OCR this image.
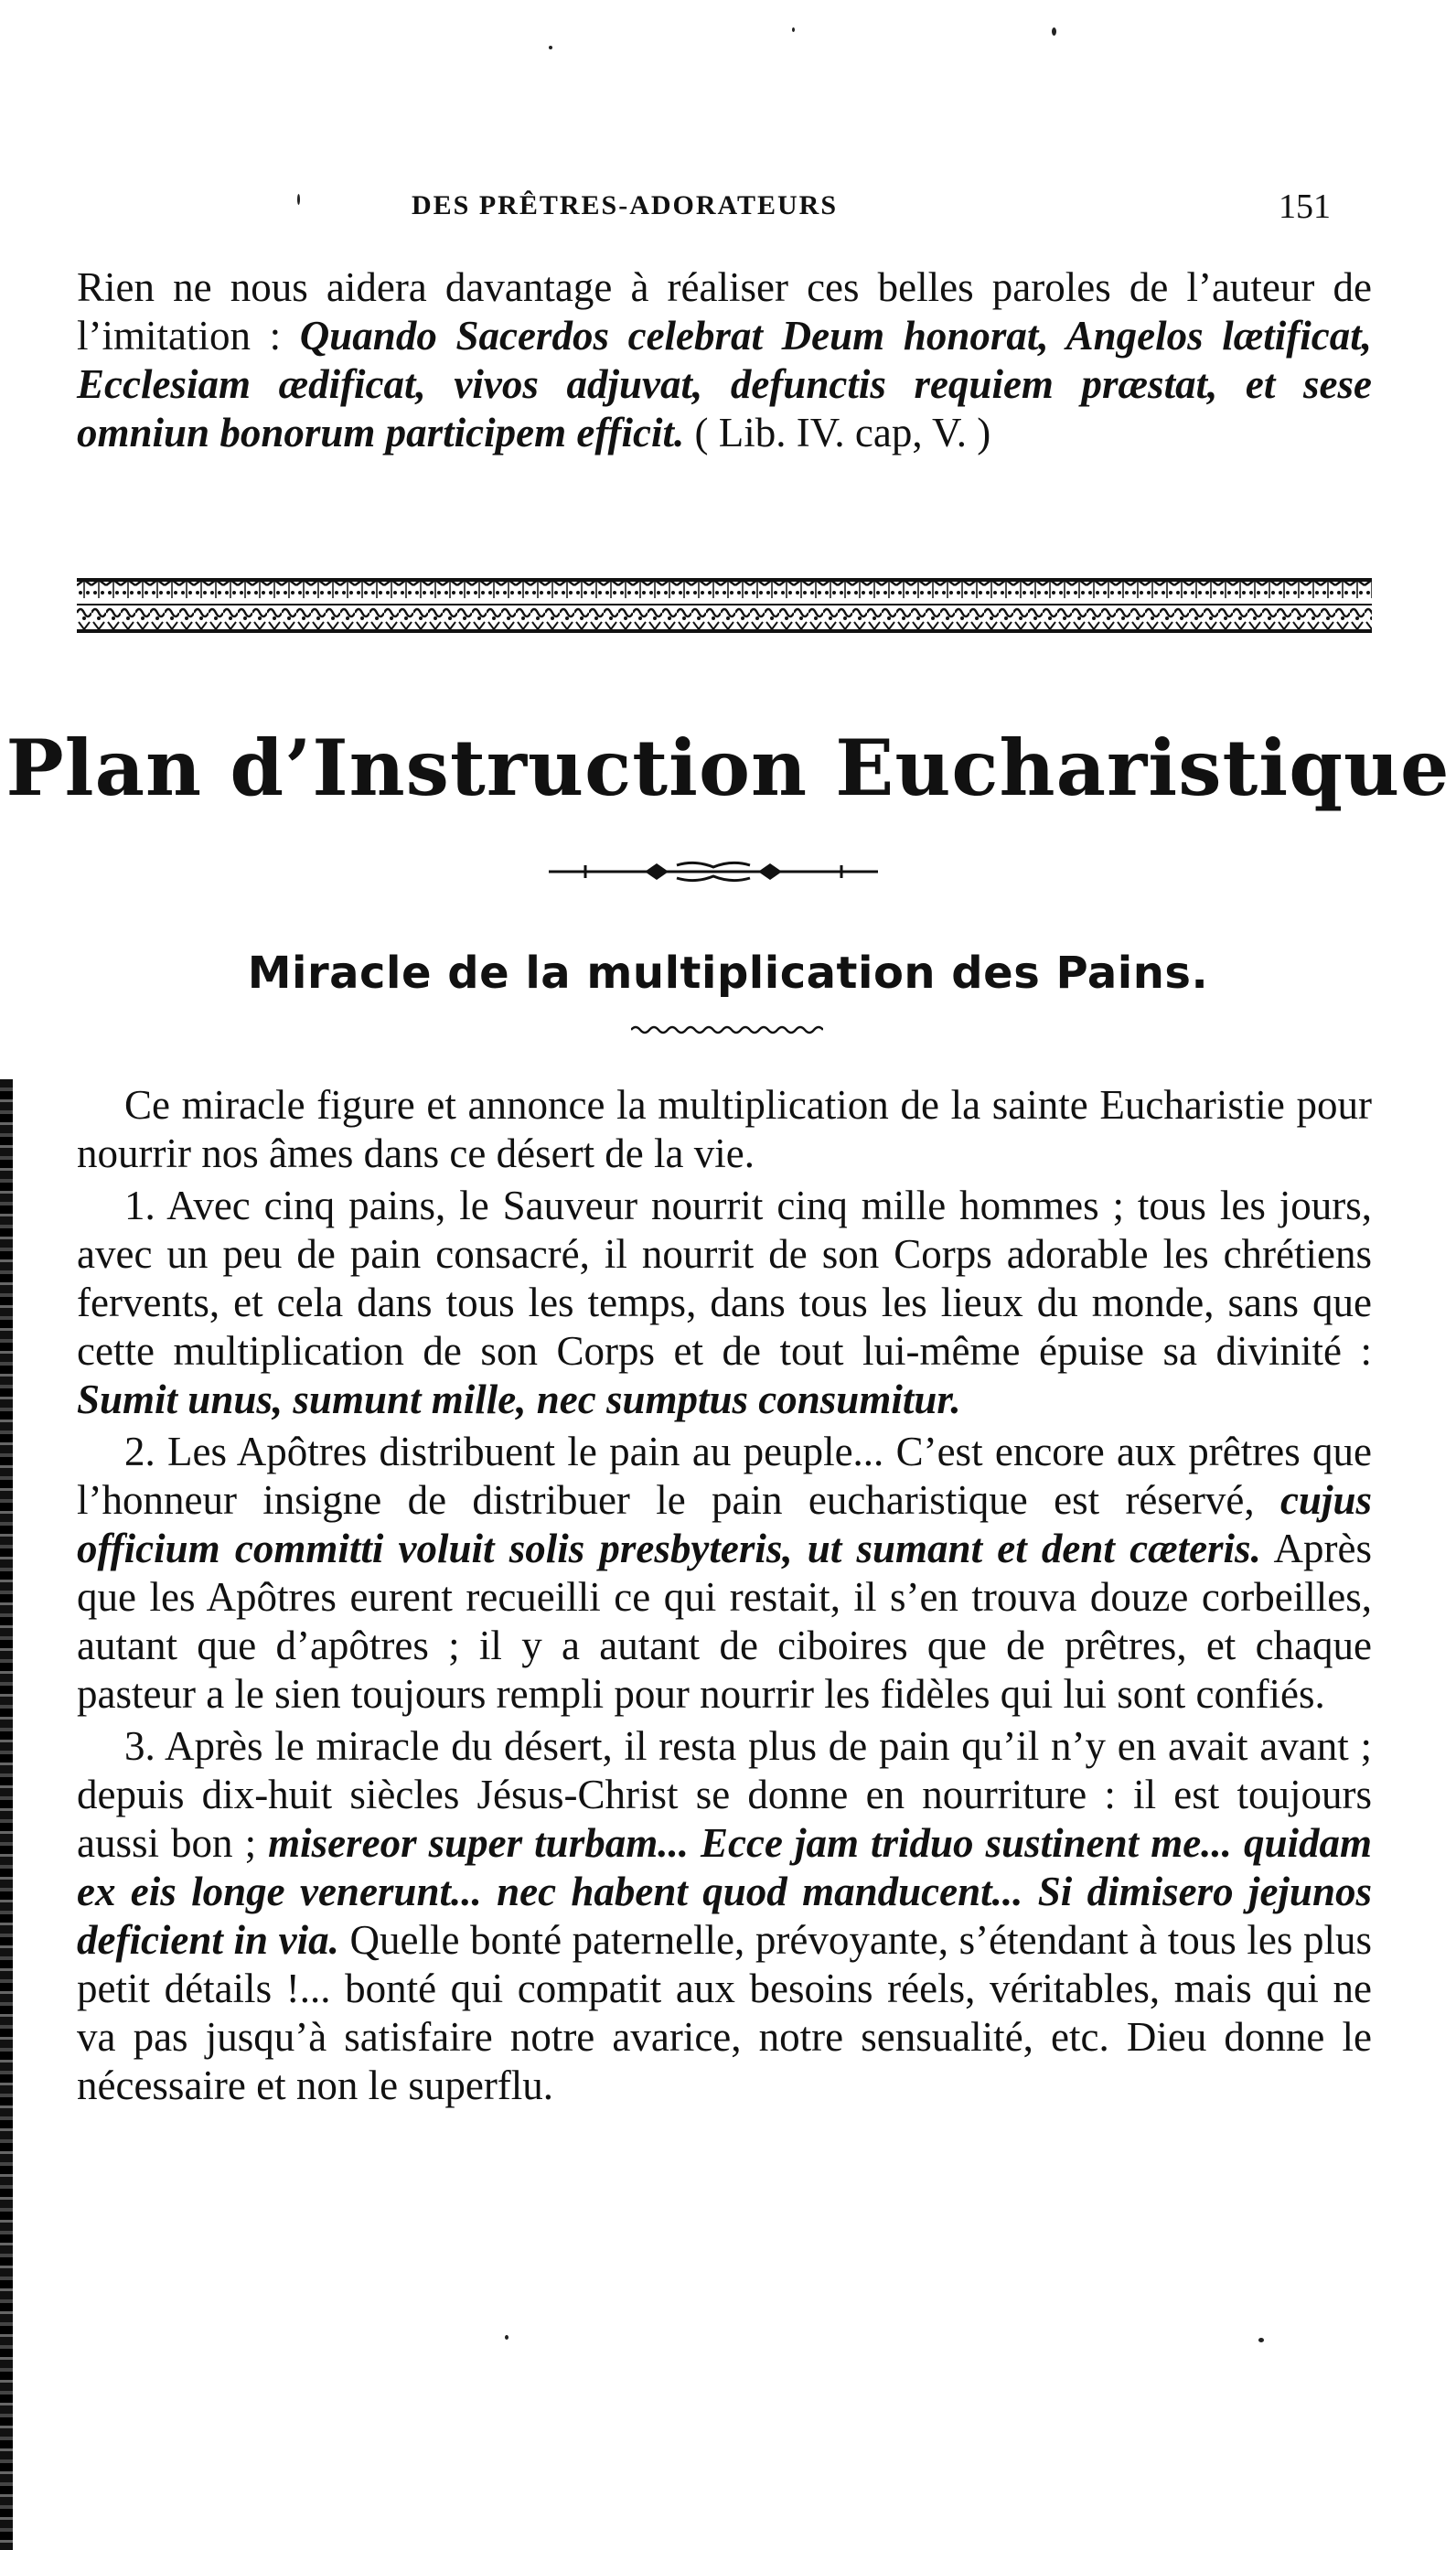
DES PRÊTRES-ADORATEURS	151

Rien ne nous aidera davantage à réaliser ces belles paroles de l’auteur de l’imitation : Quando Sacerdos celebrat Deum honorat, Angelos lætificat, Ecclesiam ædificat, vivos adjuvat, defunctis requiem præstat, et sese omniun bonorum participem efficit. ( Lib. IV. cap, V. )

Plan d’Instruction Eucharistique
Miracle de la multiplication des Pains.

Ce miracle figure et annonce la multiplication de la sainte Eucharistie pour nourrir nos âmes dans ce désert de la vie.

1. Avec cinq pains, le Sauveur nourrit cinq mille hommes ; tous les jours, avec un peu de pain consacré, il nourrit de son Corps adorable les chrétiens fervents, et cela dans tous les temps, dans tous les lieux du monde, sans que cette multiplication de son Corps et de tout lui-même épuise sa divinité : Sumit unus, sumunt mille, nec sumptus consumitur.

2. Les Apôtres distribuent le pain au peuple... C’est encore aux prêtres que l’honneur insigne de distribuer le pain eucharistique est réservé, cujus officium committi voluit solis presbyteris, ut sumant et dent cæteris. Après que les Apôtres eurent recueilli ce qui restait, il s’en trouva douze corbeilles, autant que d’apôtres ; il y a autant de ciboires que de prêtres, et chaque pasteur a le sien toujours rempli pour nourrir les fidèles qui lui sont confiés.

3. Après le miracle du désert, il resta plus de pain qu’il n’y en avait avant ; depuis dix-huit siècles Jésus-Christ se donne en nourriture : il est toujours aussi bon ; misereor super turbam... Ecce jam triduo sustinent me... quidam ex eis longe venerunt... nec habent quod manducent... Si dimisero jejunos deficient in via. Quelle bonté paternelle, prévoyante, s’étendant à tous les plus petit détails !... bonté qui compatit aux besoins réels, véritables, mais qui ne va pas jusqu’à satisfaire notre avarice, notre sensualité, etc. Dieu donne le nécessaire et non le superflu.
